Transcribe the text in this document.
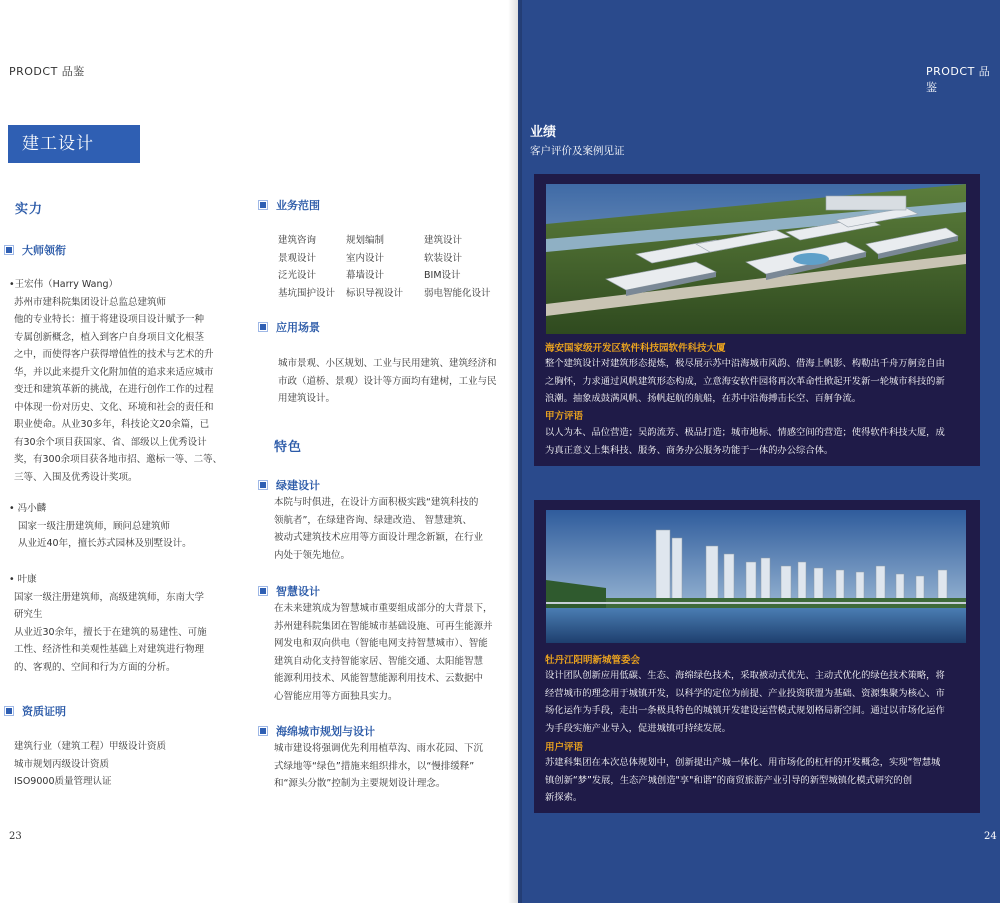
PRODCT 品鉴
建工设计
实力
大师领衔

•王宏伟（Harry Wang）

苏州市建科院集团设计总监总建筑师

他的专业特长：擅于将建设项目设计赋予一种

专属创新概念，植入到客户自身项目文化根茎

之中，而使得客户获得增值性的技术与艺术的升

华，并以此来提升文化附加值的追求来适应城市

变迁和建筑革新的挑战，在进行创作工作的过程

中体现一份对历史、文化、环境和社会的责任和

职业使命。从业30多年，科技论文20余篇，已

有30余个项目获国家、省、部级以上优秀设计

奖，有300余项目获各地市招、邀标一等、二等、

三等、入围及优秀设计奖项。

• 冯小麟

国家一级注册建筑师，顾问总建筑师

从业近40年，擅长苏式园林及别墅设计。

• 叶康

国家一级注册建筑师，高级建筑师，东南大学

研究生

从业近30余年，擅长于在建筑的易建性、可施

工性、经济性和美观性基础上对建筑进行物理

的、客观的、空间和行为方面的分析。

资质证明

建筑行业（建筑工程）甲级设计资质

城市规划丙级设计资质

ISO9000质量管理认证

23
业务范围
建筑咨询	规划编制	建筑设计
景观设计	室内设计	软装设计
泛光设计	幕墙设计	BIM设计
基坑围护设计	标识导视设计	弱电智能化设计
应用场景

城市景观、小区规划、工业与民用建筑、建筑经济和

市政（道桥、景观）设计等方面均有建树，工业与民

用建筑设计。

特色
绿建设计

本院与时俱进，在设计方面积极实践“建筑科技的

领航者”，在绿建咨询、绿建改造、 智慧建筑、

被动式建筑技术应用等方面设计理念新颖，在行业

内处于领先地位。

智慧设计

在未来建筑成为智慧城市重要组成部分的大背景下，

苏州建科院集团在智能城市基础设施、可再生能源并

网发电和双向供电（智能电网支持智慧城市）、智能

建筑自动化支持智能家居、智能交通、太阳能智慧

能源利用技术、风能智慧能源利用技术、云数据中

心智能应用等方面独具实力。

海绵城市规划与设计

城市建设将强调优先利用植草沟、雨水花园、下沉

式绿地等“绿色”措施来组织排水，以“慢排缓释”

和“源头分散”控制为主要规划设计理念。

PRODCT 品鉴
业绩
客户评价及案例见证
海安国家级开发区软件科技园软件科技大厦

整个建筑设计对建筑形态提炼，极尽展示苏中沿海城市风韵、借海上帆影、构勒出千舟万舸竞自由

之胸怀，力求通过风帆建筑形态构成，立意海安软件园将再次革命性掀起开发新一轮城市科技的新

浪潮。抽象成鼓满风帆、扬帆起航的航船，在苏中沿海搏击长空、百舸争流。

甲方评语

以人为本、品位营造；吴韵流芳、极品打造；城市地标、情感空间的营造；使得软件科技大厦，成

为真正意义上集科技、服务、商务办公服务功能于一体的办公综合体。

牡丹江阳明新城管委会

设计团队创新应用低碳、生态、海绵绿色技术，采取被动式优先、主动式优化的绿色技术策略，将

经营城市的理念用于城镇开发，以科学的定位为前提、产业投资联盟为基础、资源集聚为核心、市

场化运作为手段，走出一条极具特色的城镇开发建设运营模式规划格局新空间。通过以市场化运作

为手段实施产业导入，促进城镇可持续发展。

用户评语

苏建科集团在本次总体规划中，创新提出产城一体化、用市场化的杠杆的开发概念，实现“智慧城

镇创新“梦”发展，生态产城创造"享"和谐”的商贸旅游产业引导的新型城镇化模式研究的创

新探索。

24
